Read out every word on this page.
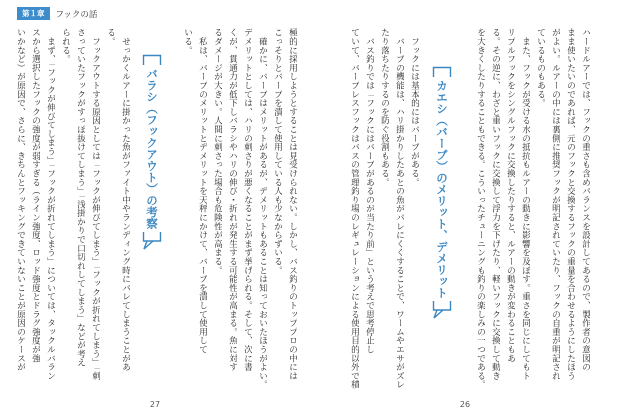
第１章	フックの話
カエシ（バーブ）のメリット、デメリット
バラシ（フックアウト）の考察
27	26
ハードルアーでは、フックの重さも含めバランスを設計してあるので、製作者の意図の
まま使いたいのであれば、元のフックと交換するフックの重量を合わせるようにしたほう
がよい。ルアーの中には裏側に推奨フックが明記されていたり、フックの自重が明記され
ているものもある。
　また、フックが受ける水の抵抗もルアーの動きに影響を及ぼす。重さを同じにしてもト
リプルフックをシングルフックに交換したりすると、ルアーの動きが変わることもあ
る。その逆に、わざと重いフックに交換して浮力を下げたり、軽いフックに交換して動き
を大きくしたりすることもできる。こういったチューニングも釣りの楽しみの一つである。
　フックには基本的にはバーブがある。
　バーブの機能は、ハリ掛かりしたあとの魚がバレにくくすることで、ワームやエサがズレ
たり落ちたりするのを防ぐ役割もある。
　バス釣りでは「フックにはバーブがあるのが当たり前」という考えで思考停止し
ていて、バーブレスフックはバスの管理釣り場のレギュレーションによる使用目的以外で積
極的に採用しようとすることは見受けられない。しかし、バス釣りのトッププロの中には
こっそりとバーブを潰して使用している人も少なからずいる。
　確かに、バーブはメリットがあるが、デメリットもあることは知っておいたほうがよい。
デメリットとしては、ハリの刺さりが悪くなることがまず挙げられる。そして、次に書
くが、貫通力が低下しバラシやハリの伸び・折れが発生する可能性が高まる。魚に対す
るダメージが大きい。人間に刺さった場合も危険性が高まる。
　私は、バーブのメリットとデメリットを天秤にかけて、バーブを潰して使用して
いる。
　せっかくルアーに掛かった魚がファイト中やランディング時にバレてしまうことがあ
る。
　フックアウトする原因としては「フックが伸びてしまう」「フックが折れてしまう」「刺
さっていたフックがすっぽ抜けてしまう」「浅掛かりで口切れしてしまう」などが考え
られる。
　まず、「フックが伸びてしまう」「フックが折れてしまう」については、タックルバラン
スから選択したフックの強度が弱すぎる（ライン強度、ロッド強度とドラグ強度が強
いかなど）が原因で、さらに、きちんとフッキングできていないことが原因のケースが
